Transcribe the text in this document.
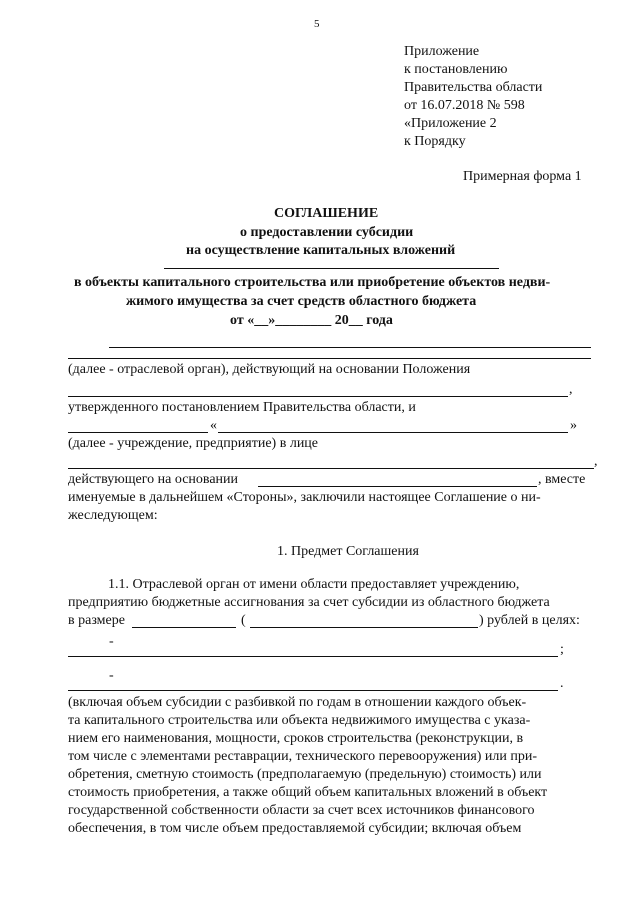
5
Приложение
к постановлению
Правительства области
от 16.07.2018 № 598
«Приложение 2
к Порядку
Примерная форма 1
СОГЛАШЕНИЕ
о предоставлении субсидии
на осуществление капитальных вложений
в объекты капитального строительства или приобретение объектов недви-
жимого имущества за счет средств областного бюджета
от «__»________ 20__ года
(далее - отраслевой орган), действующий на основании Положения
,
утвержденного постановлением Правительства области, и
«	»
(далее - учреждение, предприятие) в лице
,
действующего на основании	, вместе
именуемые в дальнейшем «Стороны», заключили настоящее Соглашение о ни-
жеследующем:
1. Предмет Соглашения
1.1. Отраслевой орган от имени области предоставляет учреждению,
предприятию бюджетные ассигнования за счет субсидии из областного бюджета
в размере	(	) рублей в целях:
-
;
-
.
(включая объем субсидии с разбивкой по годам в отношении каждого объек-
та капитального строительства или объекта недвижимого имущества с указа-
нием его наименования, мощности, сроков строительства (реконструкции, в
том числе с элементами реставрации, технического перевооружения) или при-
обретения, сметную стоимость (предполагаемую (предельную) стоимость) или
стоимость приобретения, а также общий объем капитальных вложений в объект
государственной собственности области за счет всех источников финансового
обеспечения, в том числе объем предоставляемой субсидии; включая объем
